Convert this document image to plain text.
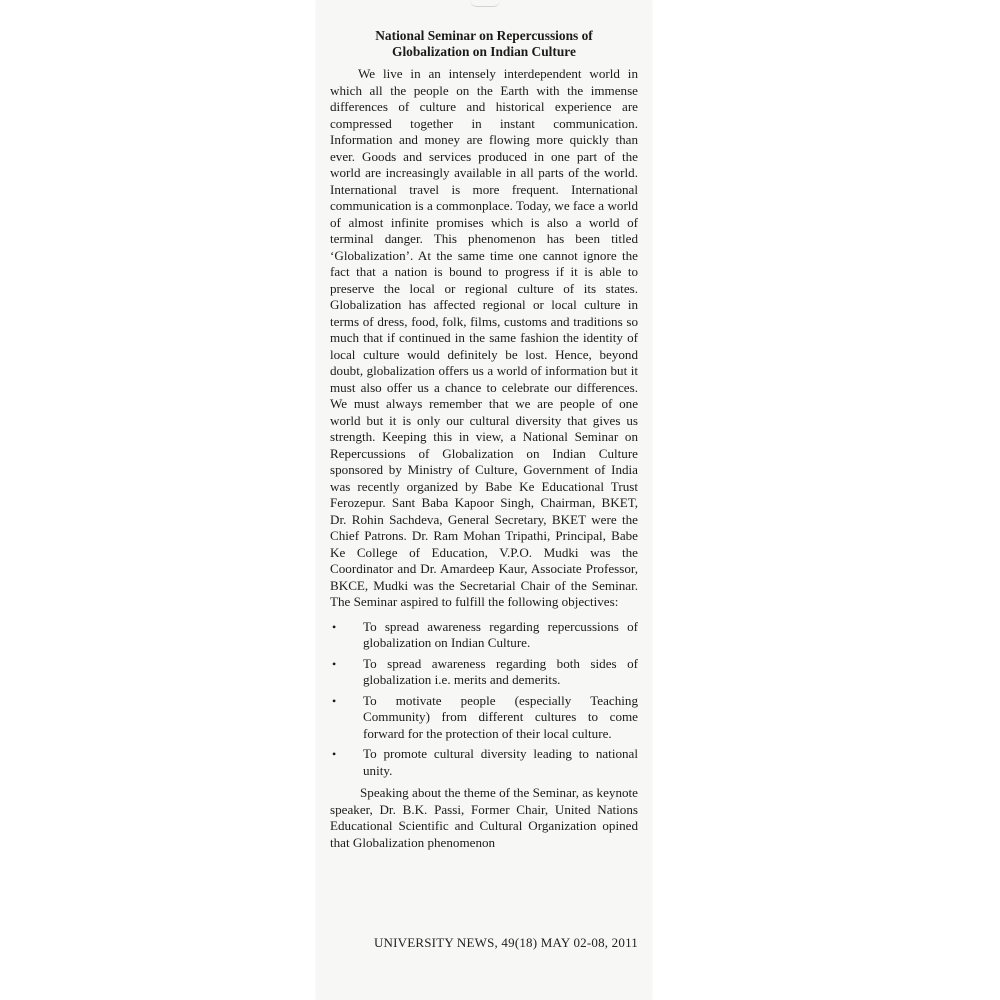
National Seminar on Repercussions of
Globalization on Indian Culture

We live in an intensely interdependent world in which all the people on the Earth with the immense differences of culture and historical experience are compressed together in instant communication. Information and money are flowing more quickly than ever. Goods and services produced in one part of the world are increasingly available in all parts of the world. International travel is more frequent. International communication is a commonplace. Today, we face a world of almost infinite promises which is also a world of terminal danger. This phenomenon has been titled ‘Globalization’. At the same time one cannot ignore the fact that a nation is bound to progress if it is able to preserve the local or regional culture of its states. Globalization has affected regional or local culture in terms of dress, food, folk, films, customs and traditions so much that if continued in the same fashion the identity of local culture would definitely be lost. Hence, beyond doubt, globalization offers us a world of information but it must also offer us a chance to celebrate our differences. We must always remember that we are people of one world but it is only our cultural diversity that gives us strength. Keeping this in view, a National Seminar on Repercussions of Globalization on Indian Culture sponsored by Ministry of Culture, Government of India was recently organized by Babe Ke Educational Trust Ferozepur. Sant Baba Kapoor Singh, Chairman, BKET, Dr. Rohin Sachdeva, General Secretary, BKET were the Chief Patrons. Dr. Ram Mohan Tripathi, Principal, Babe Ke College of Education, V.P.O. Mudki was the Coordinator and Dr. Amardeep Kaur, Associate Professor, BKCE, Mudki was the Secretarial Chair of the Seminar. The Seminar aspired to fulfill the following objectives:

• To spread awareness regarding repercussions of globalization on Indian Culture.
• To spread awareness regarding both sides of globalization i.e. merits and demerits.
• To motivate people (especially Teaching Community) from different cultures to come forward for the protection of their local culture.
• To promote cultural diversity leading to national unity.

Speaking about the theme of the Seminar, as keynote speaker, Dr. B.K. Passi, Former Chair, United Nations Educational Scientific and Cultural Organization opined that Globalization phenomenon

UNIVERSITY NEWS, 49(18) MAY 02-08, 2011
